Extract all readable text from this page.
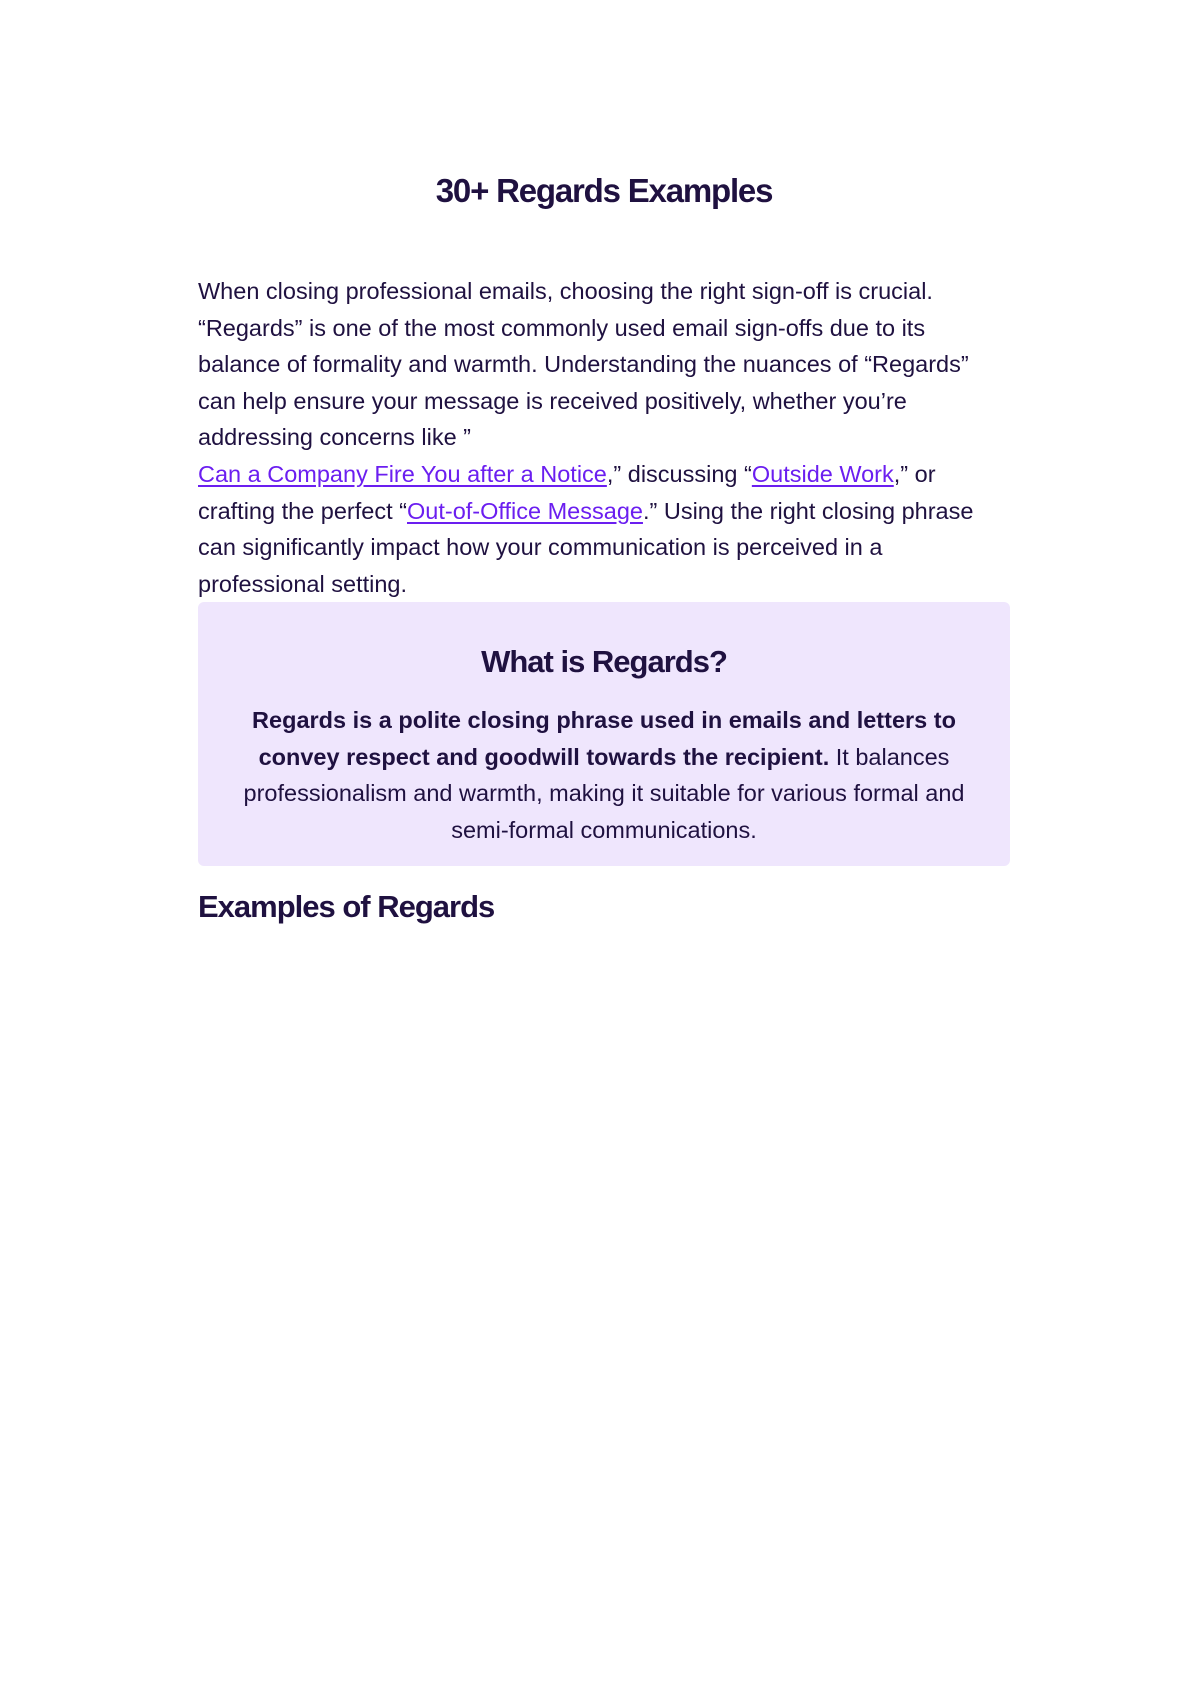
30+ Regards Examples

When closing professional emails, choosing the right sign-off is crucial. “Regards” is one of the most commonly used email sign-offs due to its balance of formality and warmth. Understanding the nuances of “Regards” can help ensure your message is received positively, whether you’re addressing concerns like ”
Can a Company Fire You after a Notice,” discussing “Outside Work,” or crafting the perfect “Out-of-Office Message.” Using the right closing phrase can significantly impact how your communication is perceived in a professional setting.

What is Regards?

Regards is a polite closing phrase used in emails and letters to convey respect and goodwill towards the recipient. It balances professionalism and warmth, making it suitable for various formal and semi-formal communications.

Examples of Regards
